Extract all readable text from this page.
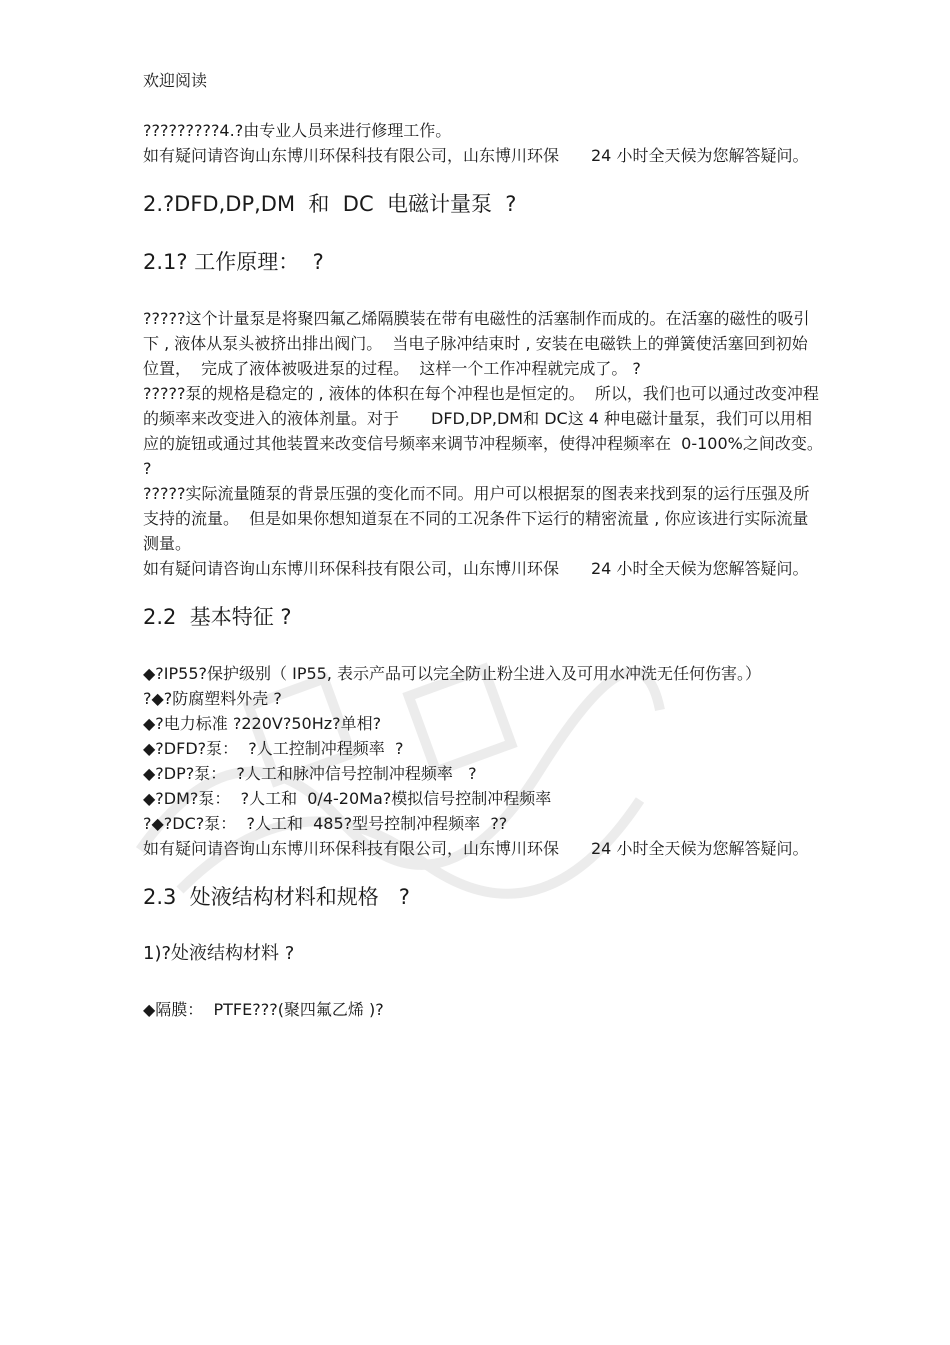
欢迎阅读

?????????4.?由专业人员来进行修理工作。

如有疑问请咨询山东博川环保科技有限公司，山东博川环保　　24 小时全天候为您解答疑问。

2.?DFD,DP,DM  和  DC  电磁计量泵  ?
2.1? 工作原理：  ?

?????这个计量泵是将聚四氟乙烯隔膜装在带有电磁性的活塞制作而成的。在活塞的磁性的吸引下 , 液体从泵头被挤出排出阀门。  当电子脉冲结束时 , 安装在电磁铁上的弹簧使活塞回到初始位置，  完成了液体被吸进泵的过程。  这样一个工作冲程就完成了。 ?

?????泵的规格是稳定的 , 液体的体积在每个冲程也是恒定的。  所以，我们也可以通过改变冲程的频率来改变进入的液体剂量。对于　　DFD,DP,DM和 DC这 4 种电磁计量泵，我们可以用相应的旋钮或通过其他装置来改变信号频率来调节冲程频率，使得冲程频率在  0-100%之间改变。 ?

?????实际流量随泵的背景压强的变化而不同。用户可以根据泵的图表来找到泵的运行压强及所支持的流量。  但是如果你想知道泵在不同的工况条件下运行的精密流量 , 你应该进行实际流量测量。

如有疑问请咨询山东博川环保科技有限公司，山东博川环保　　24 小时全天候为您解答疑问。

2.2  基本特征 ?

◆?IP55?保护级别（ IP55, 表示产品可以完全防止粉尘进入及可用水冲洗无任何伤害。）

?◆?防腐塑料外壳 ?

◆?电力标准 ?220V?50Hz?单相?

◆?DFD?泵：  ?人工控制冲程频率  ?

◆?DP?泵：  ?人工和脉冲信号控制冲程频率   ?

◆?DM?泵：  ?人工和  0/4-20Ma?模拟信号控制冲程频率

?◆?DC?泵：  ?人工和  485?型号控制冲程频率  ??

如有疑问请咨询山东博川环保科技有限公司，山东博川环保　　24 小时全天候为您解答疑问。

2.3  处液结构材料和规格   ?
1)?处液结构材料 ?

◆隔膜：  PTFE???(聚四氟乙烯 )?
